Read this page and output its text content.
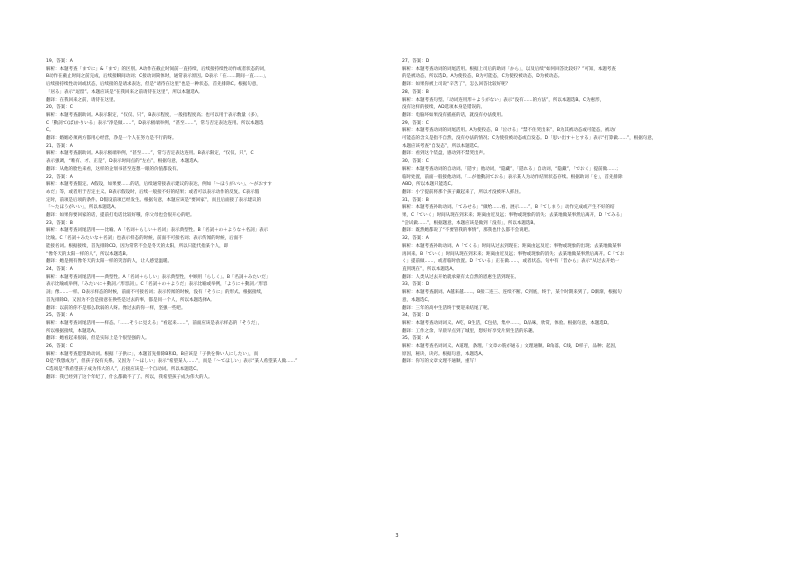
19、答案：A
解析：本题考查「までに」&「まで」的区别。A动作在截止时间前一直持续，后续接持续性动作或者状态的词，
B动作在截止时间之前完成，后续接瞬间动词；C接动词简体时，通常表示原因。D表示「在……期间一直……」，
后续接持续性动词或状态，后续接的是请求表达，但是“请待在这里”也是一种状态，首先排除C。根据句意，
「居る」表示“逗留”。本题应该是“在我回来之前请待在这里”，所以本题选A。
翻译：在我回来之前，请待在这里。
20、答案：C
解析：本题考查副助词。A表示限定，“仅仅、只”，B表示程度，一般指程度高；也可以用于表示数量（多），
C「動詞て(ば)かりいる」表示“净是做……”，D表示极端举例，“甚至……”，常与否定表达连用。所以本题选
C。
翻译：婚姻必须两方都用心经营，净是一个人在努力是不行的呀。
21、答案：A
解析：本题考查副助词。A表示极端举例，“甚至……”，常与否定表达连用。B表示限定，“仅仅、只”，C
表示强调，“唯有、才、正是”，D表示时间点的“左右”，根据句意，本题选A。
翻译：从他的脸色来看，这样的企划书甚至连想一眼的价值都没有。
22、答案：A
解析：本题考查假定。A假设，如果要……的话，后续通常接表示建议的表达，例如「～ほうがいい」、～がおすす
めだ」等，或者用于否定主义。B表示假设时，后续一般接不好的结果；或者可以表示动作的反复。C表示假
定时，前项是后项的条件。D假设前项已经发生。根据句意，本题应该是“要回家”，而且后面接了表示建议的
「～たほうがいい」，所以本题选A。
翻译：如果你要回家的话，提前打电话比较好哦，你父母也会很开心的吧。
23、答案：B
解析：本题考查词尾活用——比喻。A「名词＋らしい＋名词」表示典型性。B「名詞＋の＋ような＋名詞」表示
比喻。C「名詞＋みたいな＋名詞」也表示样态的时候，前面不可接名词；表示传闻的时候，后面不
能接名词。根据接续，首先排除CD。因为常常不会是冬天的太阳，所以只能代指某个人，即
“像冬天的太阳一样的人”，所以本题选B。
翻译：她是拥有像冬天的太阳一样的笑容的人，让人感觉温暖。
24、答案：A
解析：本题考查词尾活用——典型性。A「名词＋らしい」表示典型性，中顾用「らしく」。B「名詞＋みたいだ」
表示比喻或举例，「みたいに＋動詞／形容詞」。C「名詞＋の＋ようだ」表示比喻或举例，「ように＋動詞／形容
詞」像……一样。D表示样态的时候，前面不可接名词；表示传闻的时候，没有「そうに」的形式。根据接续，
首先排除D。又因为不会是接意在换些是过去的事，都是同一个人，所以本题选择A。
翻译：以前的你不是那么软弱的人呀。像过去的你一样，坚强一些吧。
25、答案：A
解析：本题考查词尾活用——样态。「……そうに見える」“看起来……”，前面应该是表示样态的「そうだ」，
所以根据接续，本题选A。
翻译：她看起来很弱，但是实际上是个很坚强的人。
26、答案：C
解析：本题考查愿望助动词。根据「子供に」，本题首先排除B和D。B应该是「子供を偉い人にしたい」，而
D是“我想成为”，但孩子没有关系。又因为「～ほしい」表示“希望某人……”，而是「～てほしい」表示“某人希望某人做……”
C选项是“我希望孩子成为伟大的人”，后接应该是一个自动词。所以本题选C。
翻译：我已经到了这个年纪了，什么都做不了了。所以，我希望孩子成为伟大的人。
27、答案：D
解析：本题考查动词的词尾活用。根据上司后的助词「から」，以及后续“如何回答比较好？”可知，本题考查
的是被动态，所以选D。A为使役态，B为可能态，C为使役被动态，D为被动态。
翻译：如果你被上司说“辛苦了”，怎么回答比较好呢？
28、答案：B
解析：本题考查句型。「动词连用形＋ようがない」表示“没有……的方法”，所以本题选B。C为惠形，
没有这样的接续，AD选项本身是错误的。
翻译：电脑坏如果没有插座的话，就没有办法使用。
29、答案：C
解析：本题考查动词的词尾活用。A为使役态，B「泣ける」“禁不住哭出来”，B为其被动态或可能态，被动/
可能态的含义是指不自然，没有办法的情况；C为使役被动态或自发态。D「思い出す＋とする」表示“打算做……”，根据句意，
本题应该考查“自发态”，所以本题选C。
翻译：看到这个装盘，感动到不禁哭出声。
30、答案：C
解析：本题考查动词的自动词。「隠す」他动词，“隐藏”，「隠れる」自动词，“隐藏”，「でおく」提前做……；
临时处置，前面一般接他动词。「…が他動詞ておる」表示某人为动作结果状态存续。根据助词「を」，首先排除
ABD，所以本题只能选C。
翻译：小宁提前将那个孩子藏起来了，所以才没被坏人抓住。
31、答案：B
解析：本题考查补助动词。「てみせる」“做给……看、展示……”，B「てしまう」动作完成或产生不好的结
果，C「ていく」时间从现在到未来；距离由近及远；事物或现象的消失；去某地做某事然后离开，D「てみる」
“尝试做……”，根据题意，本题应该是做到「没有」，所以本题选B。
翻译：既然她都说了“不要管我的事情”，那我也什么都不会说吧。
32、答案：A
解析：本题考查补助动词。A「てくる」时间从过去到现在；距离由远及近；事物或现象的出现；去某地做某事
再回来。B「ていく」时间从现在到未来；距离由近及远；事物或现象的消失；去某地做某事然后离开。C「てお
く」提前做……，或者临时放置。D「ている」正在做……，或者状态。句中有「昔から」表示“从过去开始一
直到现在”，所以本题选A。
翻译：人类从过去开始就承蒙有太自然的恩惠生活到现在。
33、答案：D
解析：本题考查副词。A越来越……。B接二连三、连续不断。C到底，终于，某个时期来到了。D渐渐，根据句
意，本题选C。
翻译：三年的高中生活终于要迎来结尾了呢。
34、答案：D
解析：本题考查动词词义。A吃，B生活，C包括，集中……，D品味，欣赏，体验。根据句意，本题选D。
翻译：工作之余，早晨早点到了城里，想好好享受片刻生活的乐趣。
35、答案：A
解析：本题考查名词词义。A道理，条理。「文章の筋が通る」文理通顺。B角落，C线，D样子，品种；起因，
原因，秘诀，诀窍。根据句意，本题选A。
翻译：你写的文章文理不通顺，重写！
3
